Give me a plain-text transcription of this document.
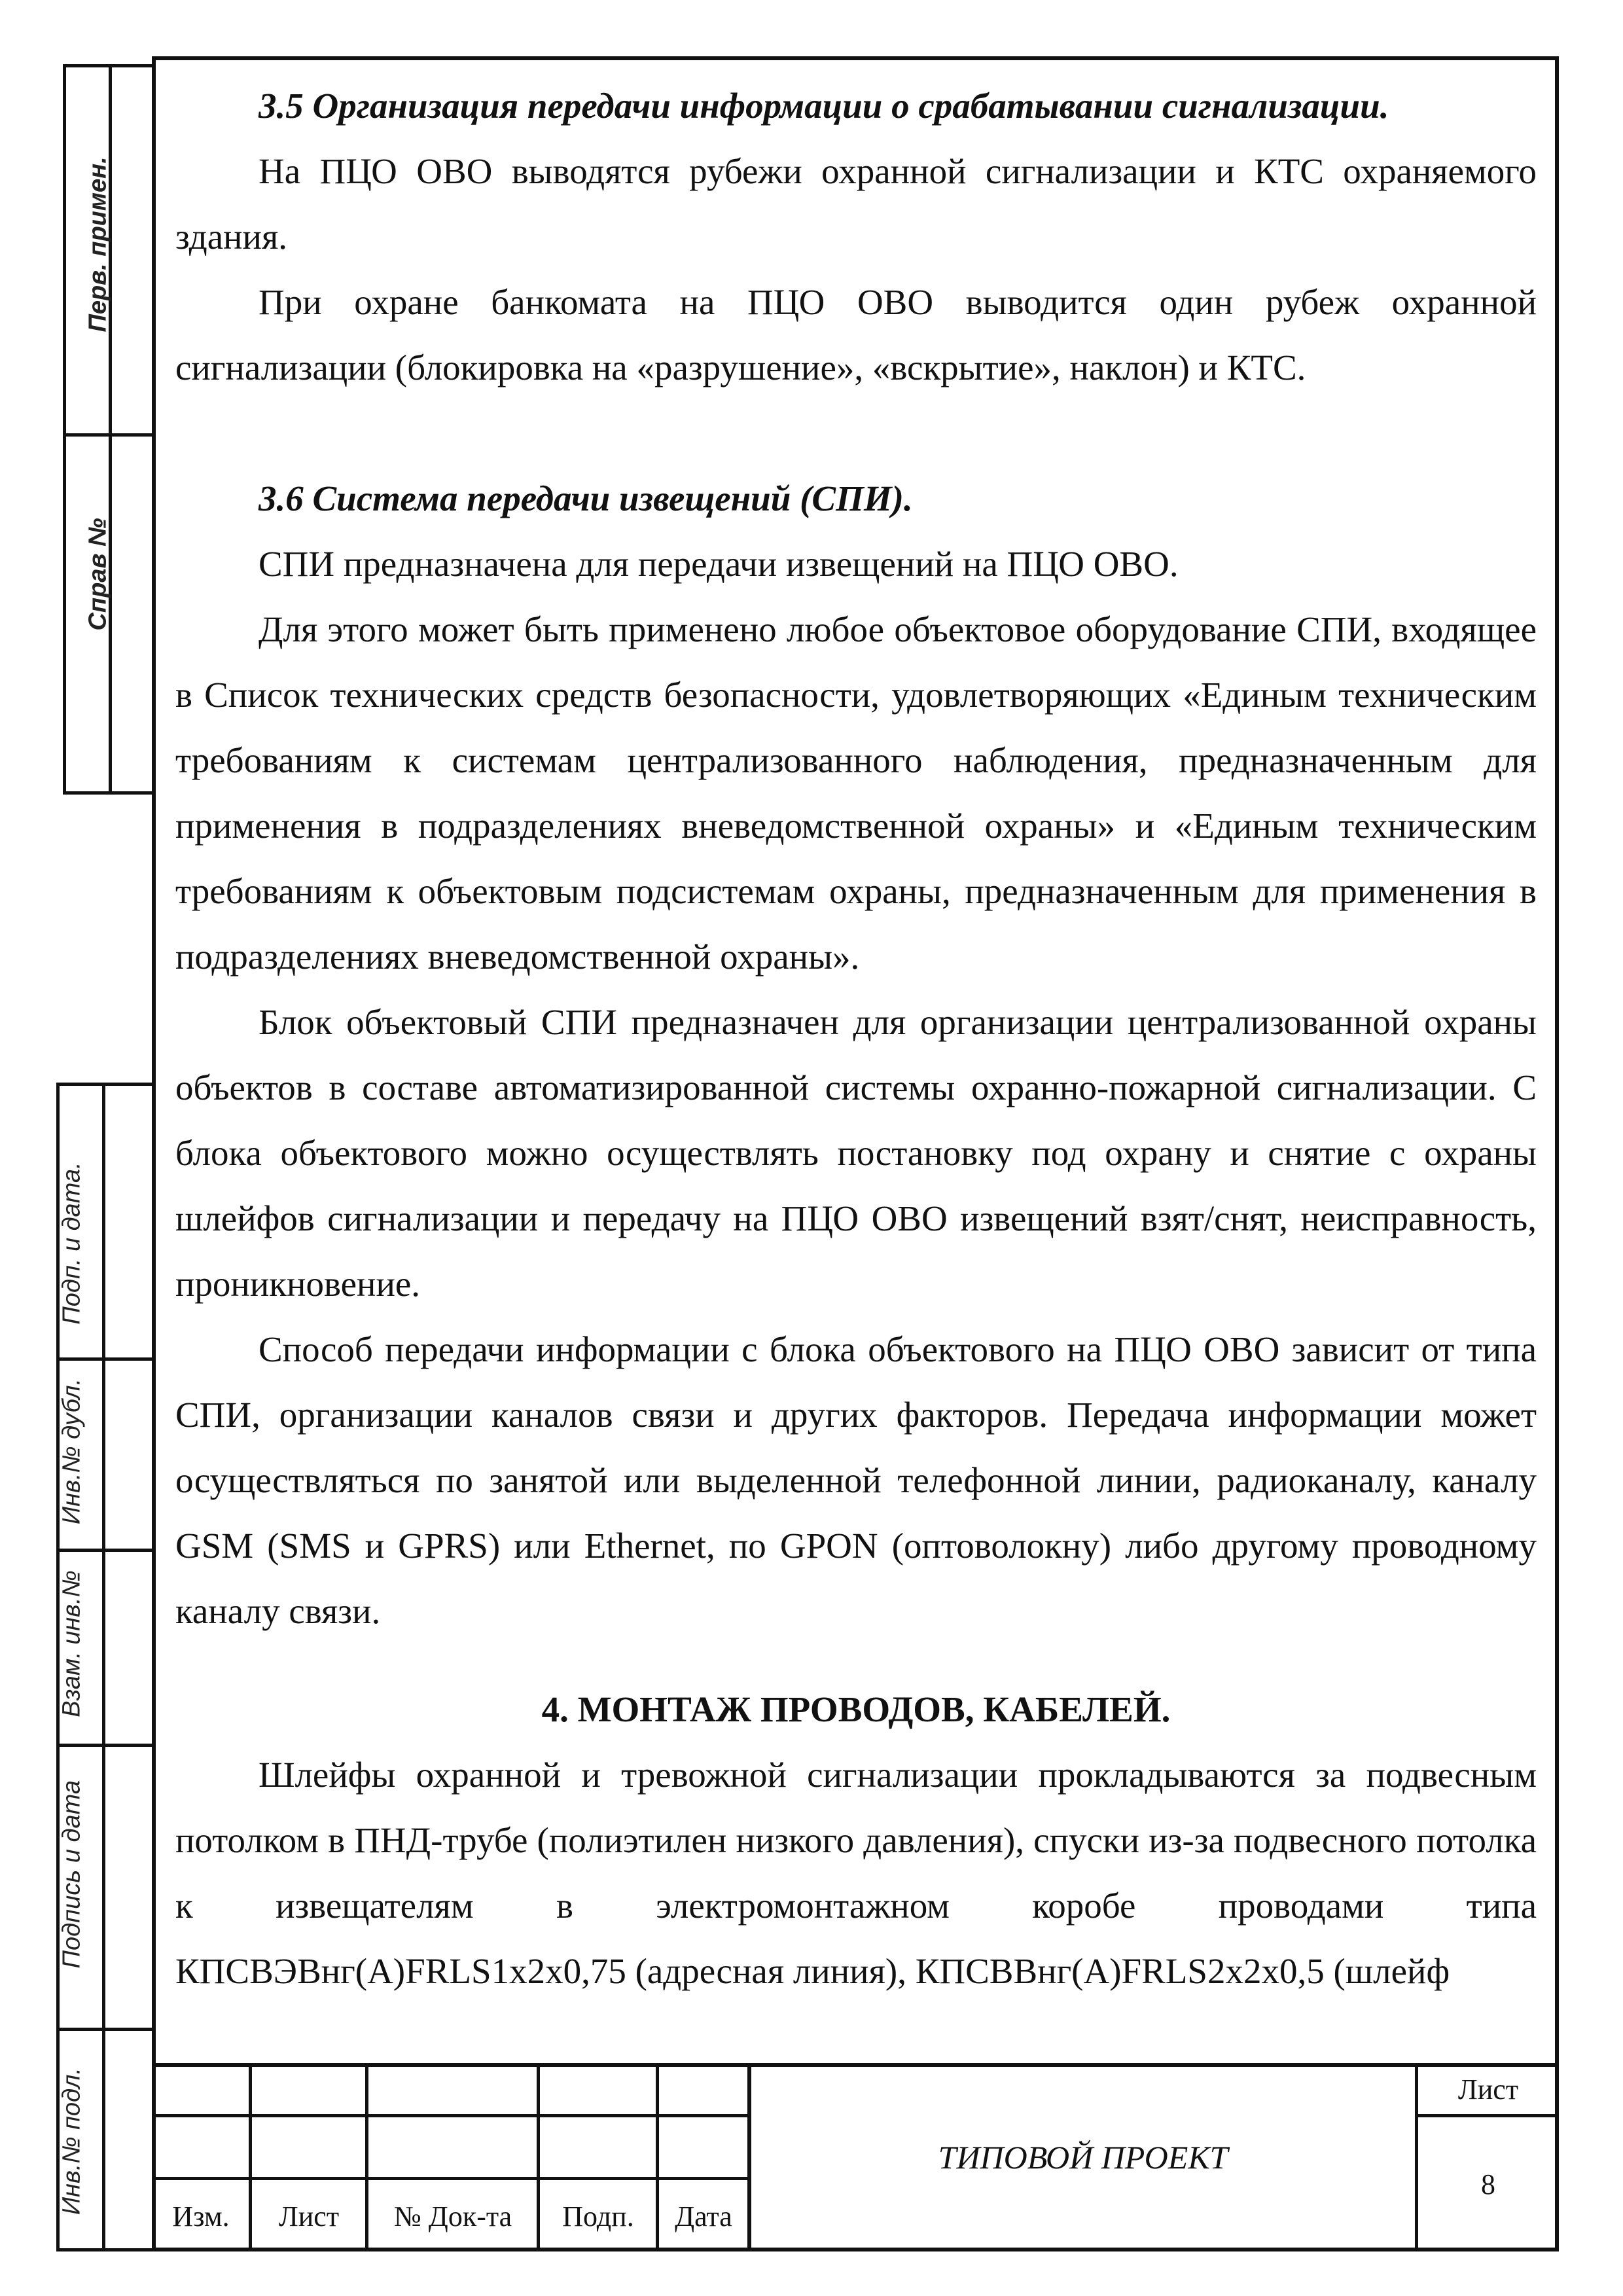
Перв. примен.
Справ №
Подп. и дата.
Инв.№ дубл.
Взам. инв.№
Подпись и дата
Инв.№ подл.
3.5 Организация передачи информации о срабатывании сигнализации.

На ПЦО ОВО выводятся рубежи охранной сигнализации и КТС охраняемого здания.

При охране банкомата на ПЦО ОВО выводится один рубеж охранной сигнализации (блокировка на «разрушение», «вскрытие», наклон) и КТС.

3.6 Система передачи извещений (СПИ).

СПИ предназначена для передачи извещений на ПЦО ОВО.

Для этого может быть применено любое объектовое оборудование СПИ, входящее в Список технических средств безопасности, удовлетворяющих «Единым техническим требованиям к системам централизованного наблюдения, предназначенным для применения в подразделениях вневедомственной охраны» и «Единым техническим требованиям к объектовым подсистемам охраны, предназначенным для применения в подразделениях вневедомственной охраны».

Блок объектовый СПИ предназначен для организации централизованной охраны объектов в составе автоматизированной системы охранно-пожарной сигнализации. С блока объектового можно осуществлять постановку под охрану и снятие с охраны шлейфов сигнализации и передачу на ПЦО ОВО извещений взят/снят, неисправность, проникновение.

Способ передачи информации с блока объектового на ПЦО ОВО зависит от типа СПИ, организации каналов связи и других факторов. Передача информации может осуществляться по занятой или выделенной телефонной линии, радиоканалу, каналу GSM (SMS и GPRS) или Ethernet, по GPON (оптоволокну) либо другому проводному каналу связи.

4. МОНТАЖ ПРОВОДОВ, КАБЕЛЕЙ.

Шлейфы охранной и тревожной сигнализации прокладываются за подвесным потолком в ПНД-трубе (полиэтилен низкого давления), спуски из-за подвесного потолка к извещателям в электромонтажном коробе проводами типа КПСВЭВнг(А)FRLS1х2х0,75 (адресная линия), КПСВВнг(А)FRLS2х2х0,5 (шлейф

Изм.	Лист	№ Док-та	Подп.	Дата
ТИПОВОЙ ПРОЕКТ
Лист
8
